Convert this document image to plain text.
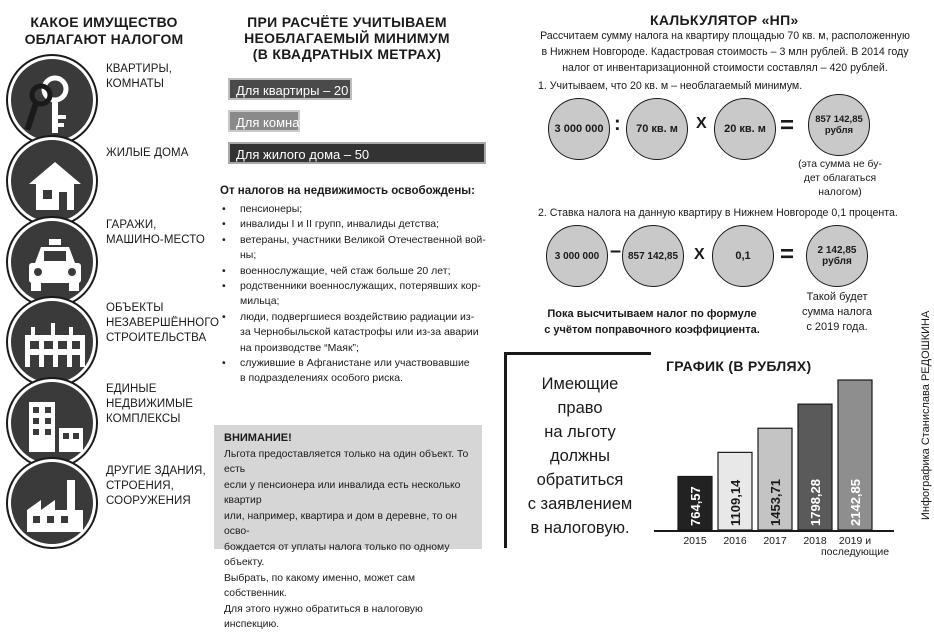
КАКОЕ ИМУЩЕСТВО
ОБЛАГАЮТ НАЛОГОМ
КВАРТИРЫ,
КОМНАТЫ
ЖИЛЫЕ ДОМА
ГАРАЖИ,
МАШИНО-МЕСТО
ОБЪЕКТЫ
НЕЗАВЕРШЁННОГО
СТРОИТЕЛЬСТВА
ЕДИНЫЕ
НЕДВИЖИМЫЕ
КОМПЛЕКСЫ
ДРУГИЕ ЗДАНИЯ,
СТРОЕНИЯ,
СООРУЖЕНИЯ
ПРИ РАСЧЁТЕ УЧИТЫВАЕМ
НЕОБЛАГАЕМЫЙ МИНИМУМ
(В КВАДРАТНЫХ МЕТРАХ)
Для квартиры – 20
Для комнаты – 10
Для жилого дома – 50
От налогов на недвижимость освобождены:
• пенсионеры;
• инвалиды I и II групп, инвалиды детства;
• ветераны, участники Великой Отечественной вой-
ны;
• военнослужащие, чей стаж больше 20 лет;
• родственники военнослужащих, потерявших кор-
мильца;
• люди, подвергшиеся воздействию радиации из-
за Чернобыльской катастрофы или из-за аварии
на производстве “Маяк”;
• служившие в Афганистане или участвовавшие
в подразделениях особого риска.
ВНИМАНИЕ!
Льгота предоставляется только на один объект. То есть
если у пенсионера или инвалида есть несколько квартир
или, например, квартира и дом в деревне, то он осво-
бождается от уплаты налога только по одному объекту.
Выбрать, по какому именно, может сам собственник.
Для этого нужно обратиться в налоговую инспекцию.
КАЛЬКУЛЯТОР «НП»
Рассчитаем сумму налога на квартиру площадью 70 кв. м, расположенную
в Нижнем Новгороде. Кадастровая стоимость – 3 млн рублей. В 2014 году
налог от инвентаризационной стоимости составлял – 420 рублей.
1. Учитываем, что 20 кв. м – необлагаемый минимум.
3 000 000 : 70 кв. м X 20 кв. м = 857 142,85
рубля
(эта сумма не бу-
дет облагаться
налогом)
2. Ставка налога на данную квартиру в Нижнем Новгороде 0,1 процента.
3 000 000 – 857 142,85 X	0,1 = 2 142,85
рубля
Такой будет
сумма налога
с 2019 года.
Пока высчитываем налог по формуле
с учётом поправочного коэффициента.
Имеющие
право
на льготу
должны
обратиться
с заявлением
в налоговую.
ГРАФИК (В РУБЛЯХ)
764,57
2015
1109,14
2016
1453,71
2017
1798,28
2018
2142,85
2019 и
последующие
Инфографика Станислава РЕДОШКИНА
